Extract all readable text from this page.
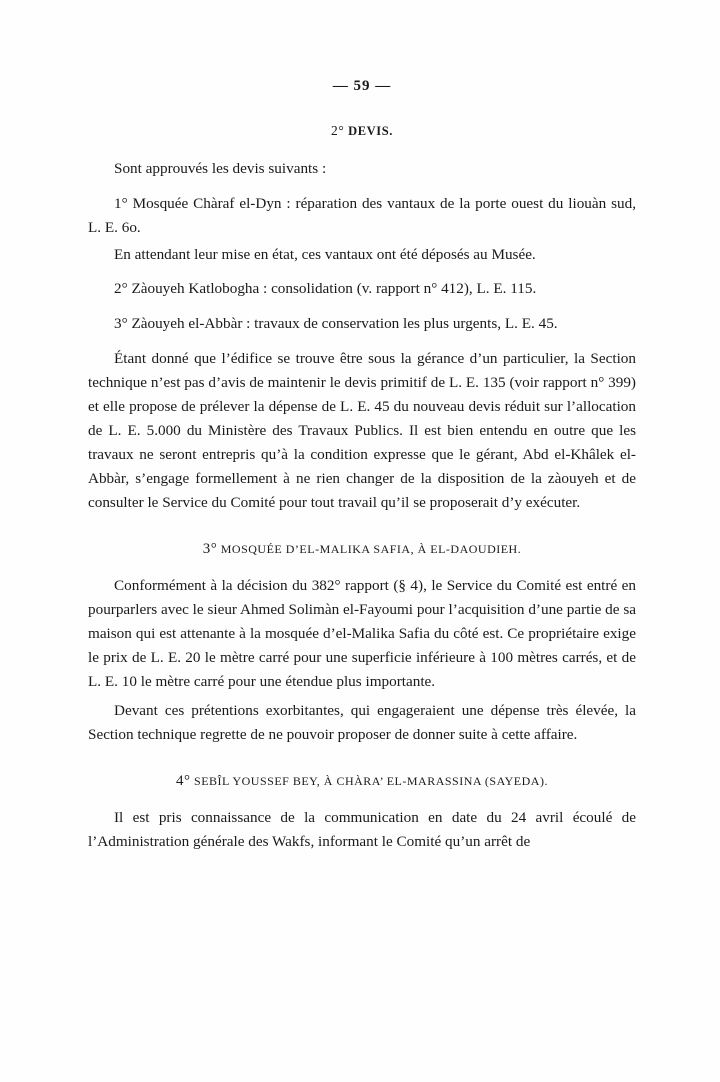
— 59 —
2° DEVIS.

Sont approuvés les devis suivants :

1° Mosquée Chàraf el-Dyn : réparation des vantaux de la porte ouest du liouàn sud, L. E. 6o.

En attendant leur mise en état, ces vantaux ont été déposés au Musée.

2° Zàouyeh Katlobogha : consolidation (v. rapport n° 412), L. E. 115.

3° Zàouyeh el-Abbàr : travaux de conservation les plus urgents, L. E. 45.

Étant donné que l’édifice se trouve être sous la gérance d’un particulier, la Section technique n’est pas d’avis de maintenir le devis primitif de L. E. 135 (voir rapport n° 399) et elle propose de prélever la dépense de L. E. 45 du nouveau devis réduit sur l’allocation de L. E. 5.000 du Ministère des Travaux Publics. Il est bien entendu en outre que les travaux ne seront entrepris qu’à la condition expresse que le gérant, Abd el-Khâlek el-Abbàr, s’engage formellement à ne rien changer de la disposition de la zàouyeh et de consulter le Service du Comité pour tout travail qu’il se proposerait d’y exécuter.

3° MOSQUÉE D’EL-MALIKA SAFIA, À EL-DAOUDIEH.

Conformément à la décision du 382° rapport (§ 4), le Service du Comité est entré en pourparlers avec le sieur Ahmed Solimàn el-Fayoumi pour l’acquisition d’une partie de sa maison qui est attenante à la mosquée d’el-Malika Safia du côté est. Ce propriétaire exige le prix de L. E. 20 le mètre carré pour une superficie inférieure à 100 mètres carrés, et de L. E. 10 le mètre carré pour une étendue plus importante.

Devant ces prétentions exorbitantes, qui engageraient une dépense très élevée, la Section technique regrette de ne pouvoir proposer de donner suite à cette affaire.

4° SEBÎL YOUSSEF BEY, À CHÀRA’ EL-MARASSINA (SAYEDA).

Il est pris connaissance de la communication en date du 24 avril écoulé de l’Administration générale des Wakfs, informant le Comité qu’un arrêt de
